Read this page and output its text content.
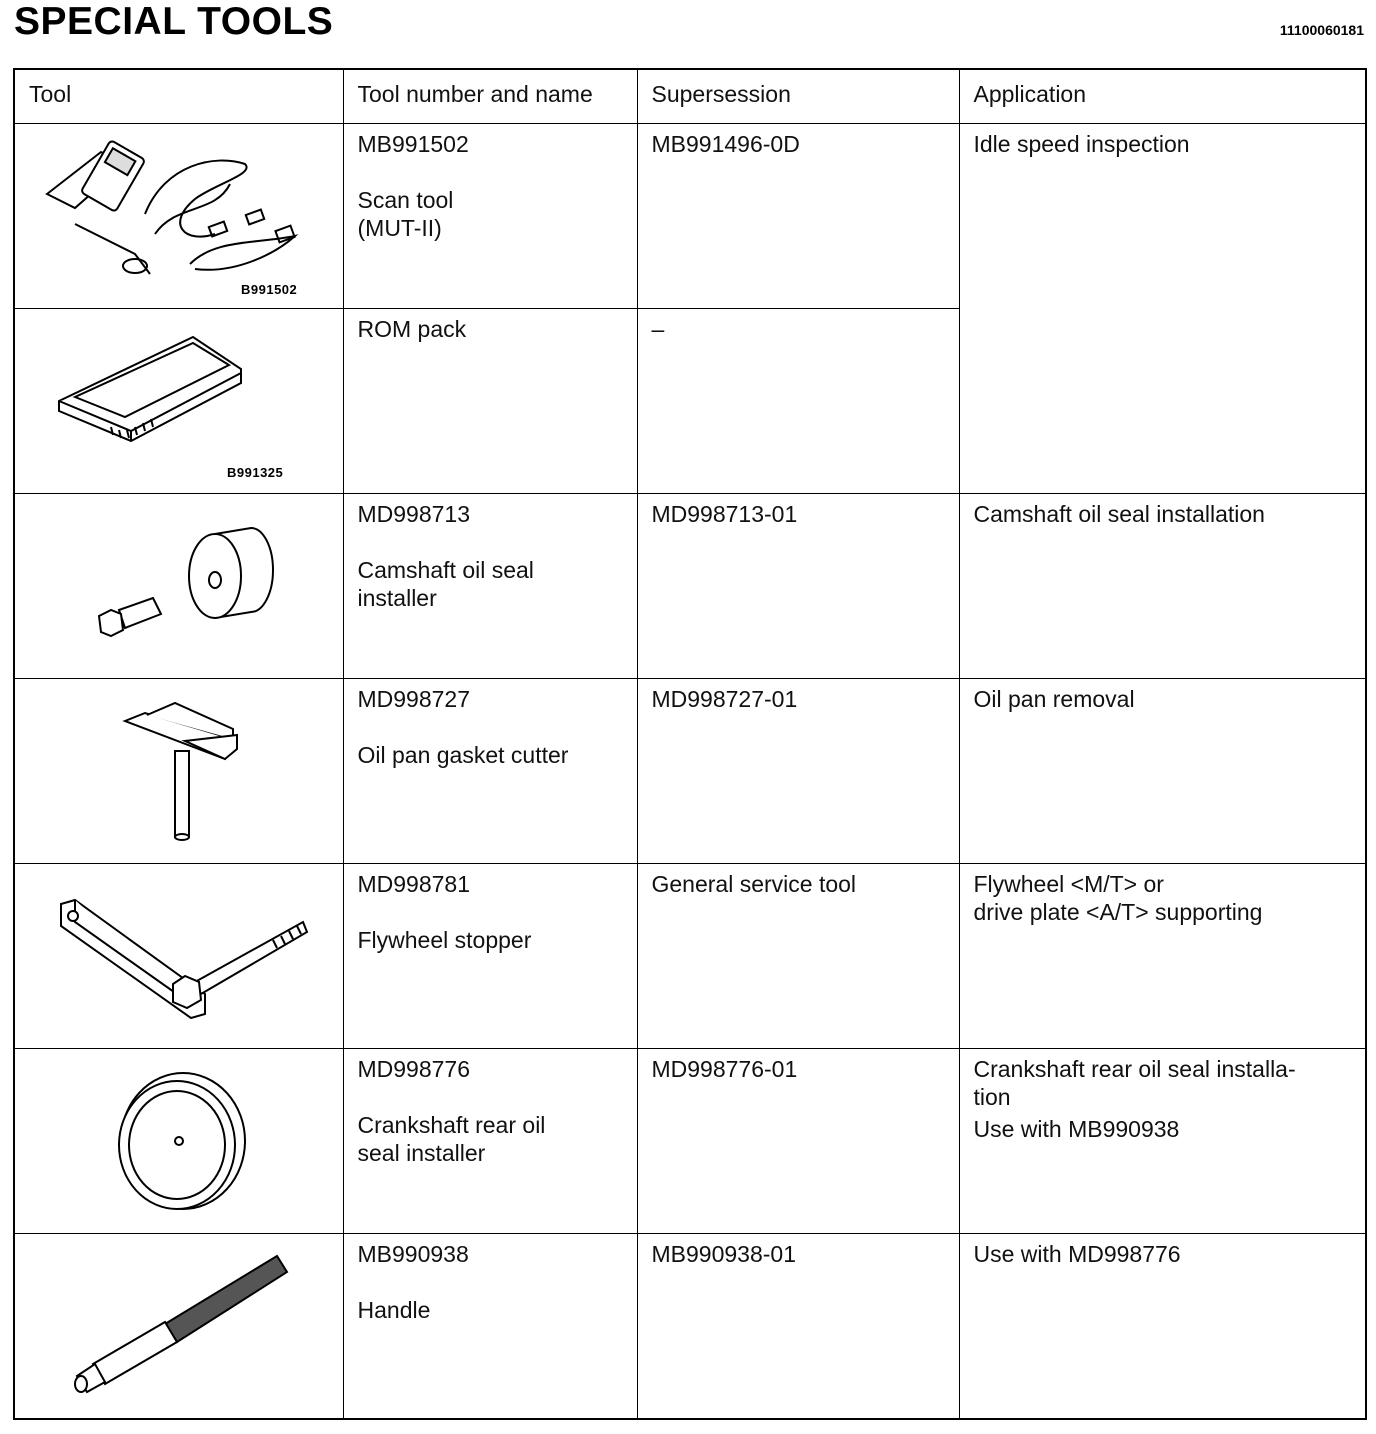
SPECIAL TOOLS	11100060181
Tool	Tool number and name	Supersession	Application

B991502	MB991502
Scan tool
(MUT-II)	MB991496-0D	Idle speed inspection

B991325	ROM pack	–	

MD998713
Camshaft oil seal
installer	MD998713-01	Camshaft oil seal installation

MD998727
Oil pan gasket cutter	MD998727-01	Oil pan removal

MD998781
Flywheel stopper	General service tool	Flywheel <M/T> or
drive plate <A/T> supporting

MD998776
Crankshaft rear oil
seal installer	MD998776-01	Crankshaft rear oil seal installa-
tion
Use with MB990938

MB990938
Handle	MB990938-01	Use with MD998776
